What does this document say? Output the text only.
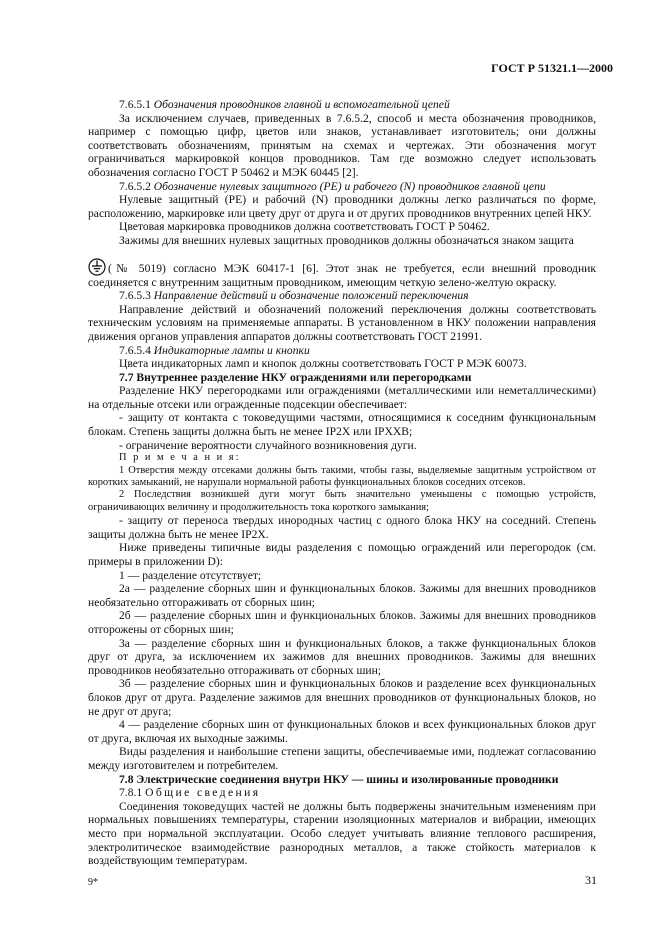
ГОСТ Р 51321.1—2000

7.6.5.1 Обозначения проводников главной и вспомогательной цепей

За исключением случаев, приведенных в 7.6.5.2, способ и места обозначения проводников, например с помощью цифр, цветов или знаков, устанавливает изготовитель; они должны соответствовать обозначениям, принятым на схемах и чертежах. Эти обозначения могут ограничиваться маркировкой концов проводников. Там где возможно следует использовать обозначения согласно ГОСТ Р 50462 и МЭК 60445 [2].

7.6.5.2 Обозначение нулевых защитного (PE) и рабочего (N) проводников главной цепи

Нулевые защитный (PE) и рабочий (N) проводники должны легко различаться по форме, расположению, маркировке или цвету друг от друга и от других проводников внутренних цепей НКУ.

Цветовая маркировка проводников должна соответствовать ГОСТ Р 50462.

Зажимы для внешних нулевых защитных проводников должны обозначаться знаком защита

(№ 5019) согласно МЭК 60417-1 [6]. Этот знак не требуется, если внешний проводник соединяется с внутренним защитным проводником, имеющим четкую зелено-желтую окраску.

7.6.5.3 Направление действий и обозначение положений переключения

Направление действий и обозначений положений переключения должны соответствовать техническим условиям на применяемые аппараты. В установленном в НКУ положении направления движения органов управления аппаратов должны соответствовать ГОСТ 21991.

7.6.5.4 Индикаторные лампы и кнопки

Цвета индикаторных ламп и кнопок должны соответствовать ГОСТ Р МЭК 60073.

7.7 Внутреннее разделение НКУ ограждениями или перегородками

Разделение НКУ перегородками или ограждениями (металлическими или неметаллическими) на отдельные отсеки или огражденные подсекции обеспечивает:

- защиту от контакта с токоведущими частями, относящимися к соседним функциональным блокам. Степень защиты должна быть не менее IP2X или IPXXB;

- ограничение вероятности случайного возникновения дуги.

П р и м е ч а н и я:

1 Отверстия между отсеками должны быть такими, чтобы газы, выделяемые защитным устройством от коротких замыканий, не нарушали нормальной работы функциональных блоков соседних отсеков.

2 Последствия возникшей дуги могут быть значительно уменьшены с помощью устройств, ограничивающих величину и продолжительность тока короткого замыкания;

- защиту от переноса твердых инородных частиц с одного блока НКУ на соседний. Степень защиты должна быть не менее IP2X.

Ниже приведены типичные виды разделения с помощью ограждений или перегородок (см. примеры в приложении D):

1 — разделение отсутствует;

2а — разделение сборных шин и функциональных блоков. Зажимы для внешних проводников необязательно отгораживать от сборных шин;

2б — разделение сборных шин и функциональных блоков. Зажимы для внешних проводников отгорожены от сборных шин;

3а — разделение сборных шин и функциональных блоков, а также функциональных блоков друг от друга, за исключением их зажимов для внешних проводников. Зажимы для внешних проводников необязательно отгораживать от сборных шин;

3б — разделение сборных шин и функциональных блоков и разделение всех функциональных блоков друг от друга. Разделение зажимов для внешних проводников от функциональных блоков, но не друг от друга;

4 — разделение сборных шин от функциональных блоков и всех функциональных блоков друг от друга, включая их выходные зажимы.

Виды разделения и наибольшие степени защиты, обеспечиваемые ими, подлежат согласованию между изготовителем и потребителем.

7.8 Электрические соединения внутри НКУ — шины и изолированные проводники

7.8.1 Общие сведения

Соединения токоведущих частей не должны быть подвержены значительным изменениям при нормальных повышениях температуры, старении изоляционных материалов и вибрации, имеющих место при нормальной эксплуатации. Особо следует учитывать влияние теплового расширения, электролитическое взаимодействие разнородных металлов, а также стойкость материалов к воздействующим температурам.

9*	31
